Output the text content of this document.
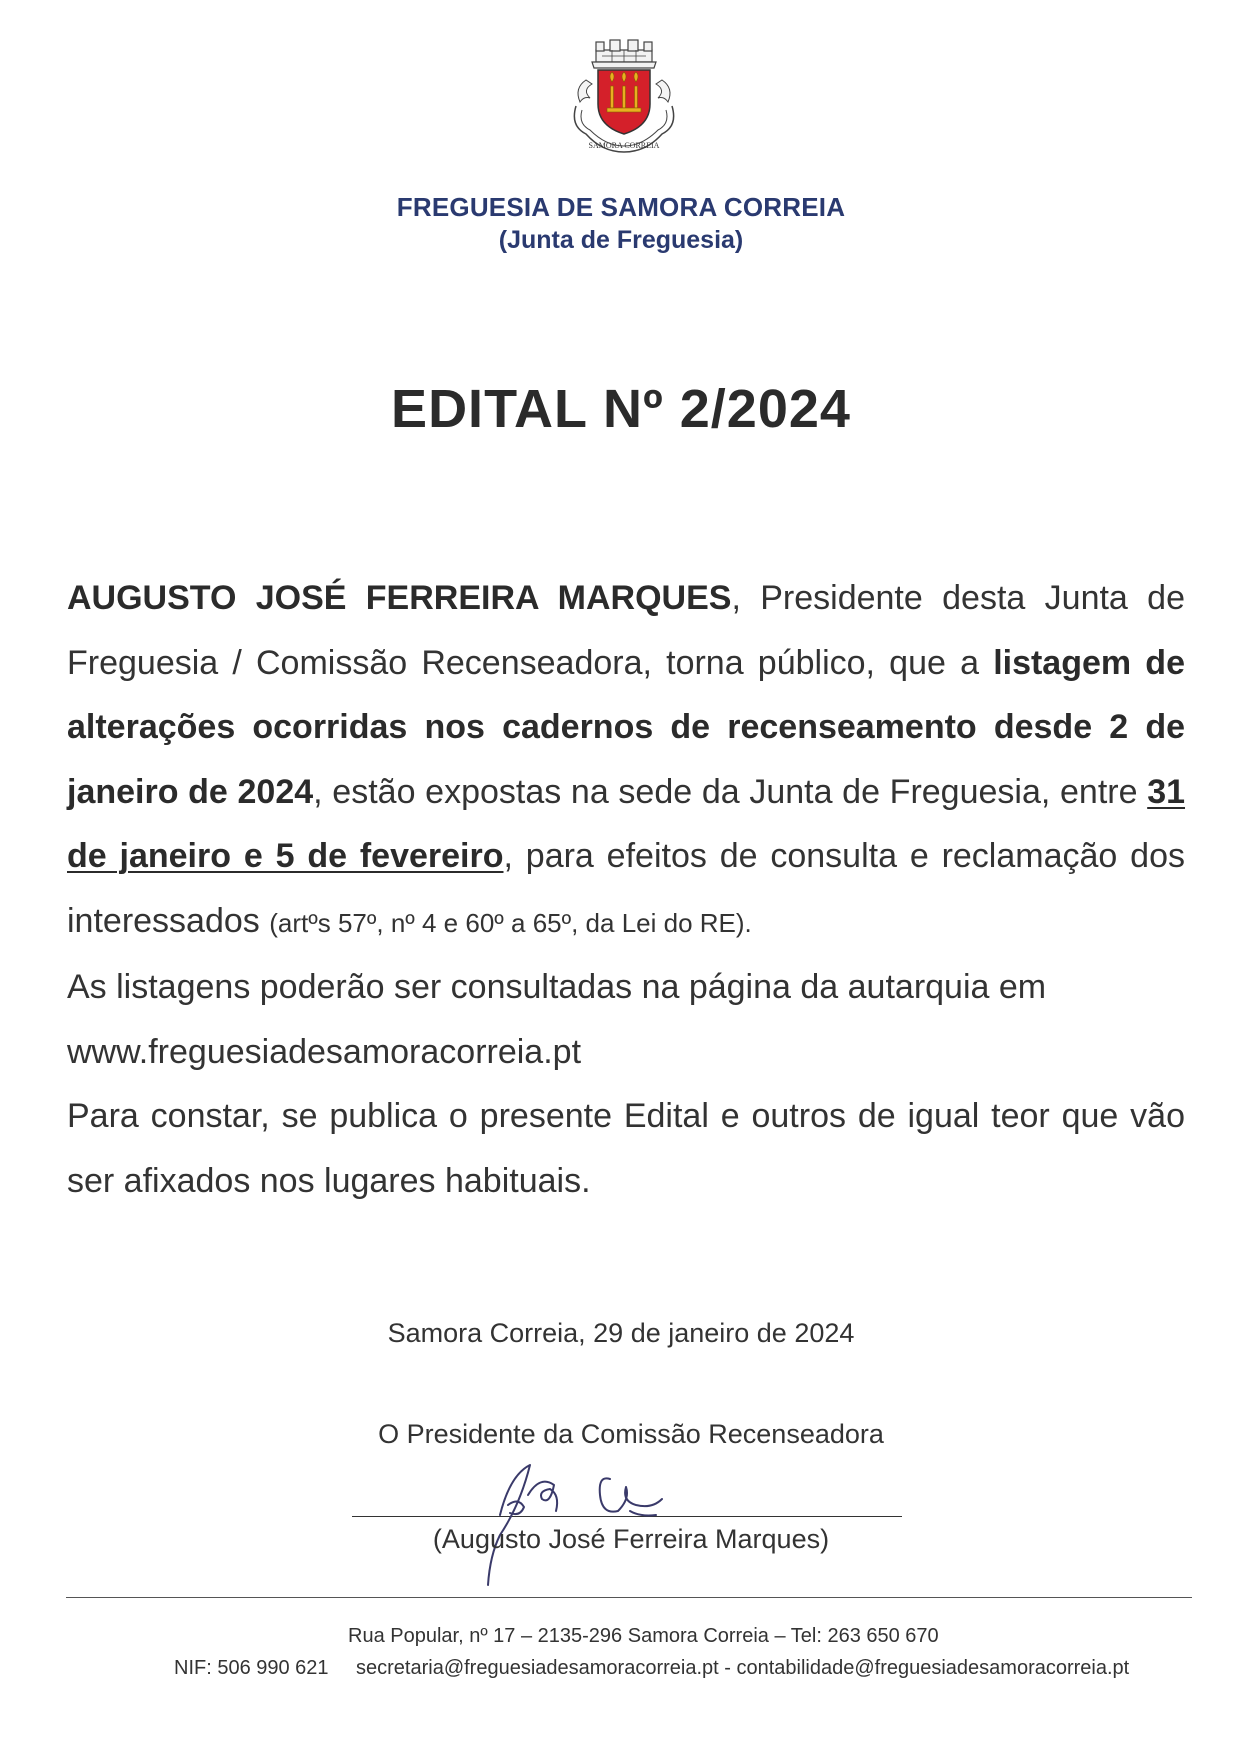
SAMORA CORREIA
FREGUESIA DE SAMORA CORREIA
(Junta de Freguesia)
EDITAL Nº 2/2024

AUGUSTO JOSÉ FERREIRA MARQUES, Presidente desta Junta de Freguesia / Comissão Recenseadora, torna público, que a listagem de alterações ocorridas nos cadernos de recenseamento desde 2 de janeiro de 2024, estão expostas na sede da Junta de Freguesia, entre 31 de janeiro e 5 de fevereiro, para efeitos de consulta e reclamação dos interessados (artºs 57º, nº 4 e 60º a 65º, da Lei do RE).

As listagens poderão ser consultadas na página da autarquia em www.freguesiadesamoracorreia.pt

Para constar, se publica o presente Edital e outros de igual teor que vão ser afixados nos lugares habituais.

Samora Correia, 29 de janeiro de 2024
O Presidente da Comissão Recenseadora
(Augusto José Ferreira Marques)
Rua Popular, nº 17 – 2135-296 Samora Correia – Tel: 263 650 670
NIF: 506 990 621 secretaria@freguesiadesamoracorreia.pt - contabilidade@freguesiadesamoracorreia.pt
